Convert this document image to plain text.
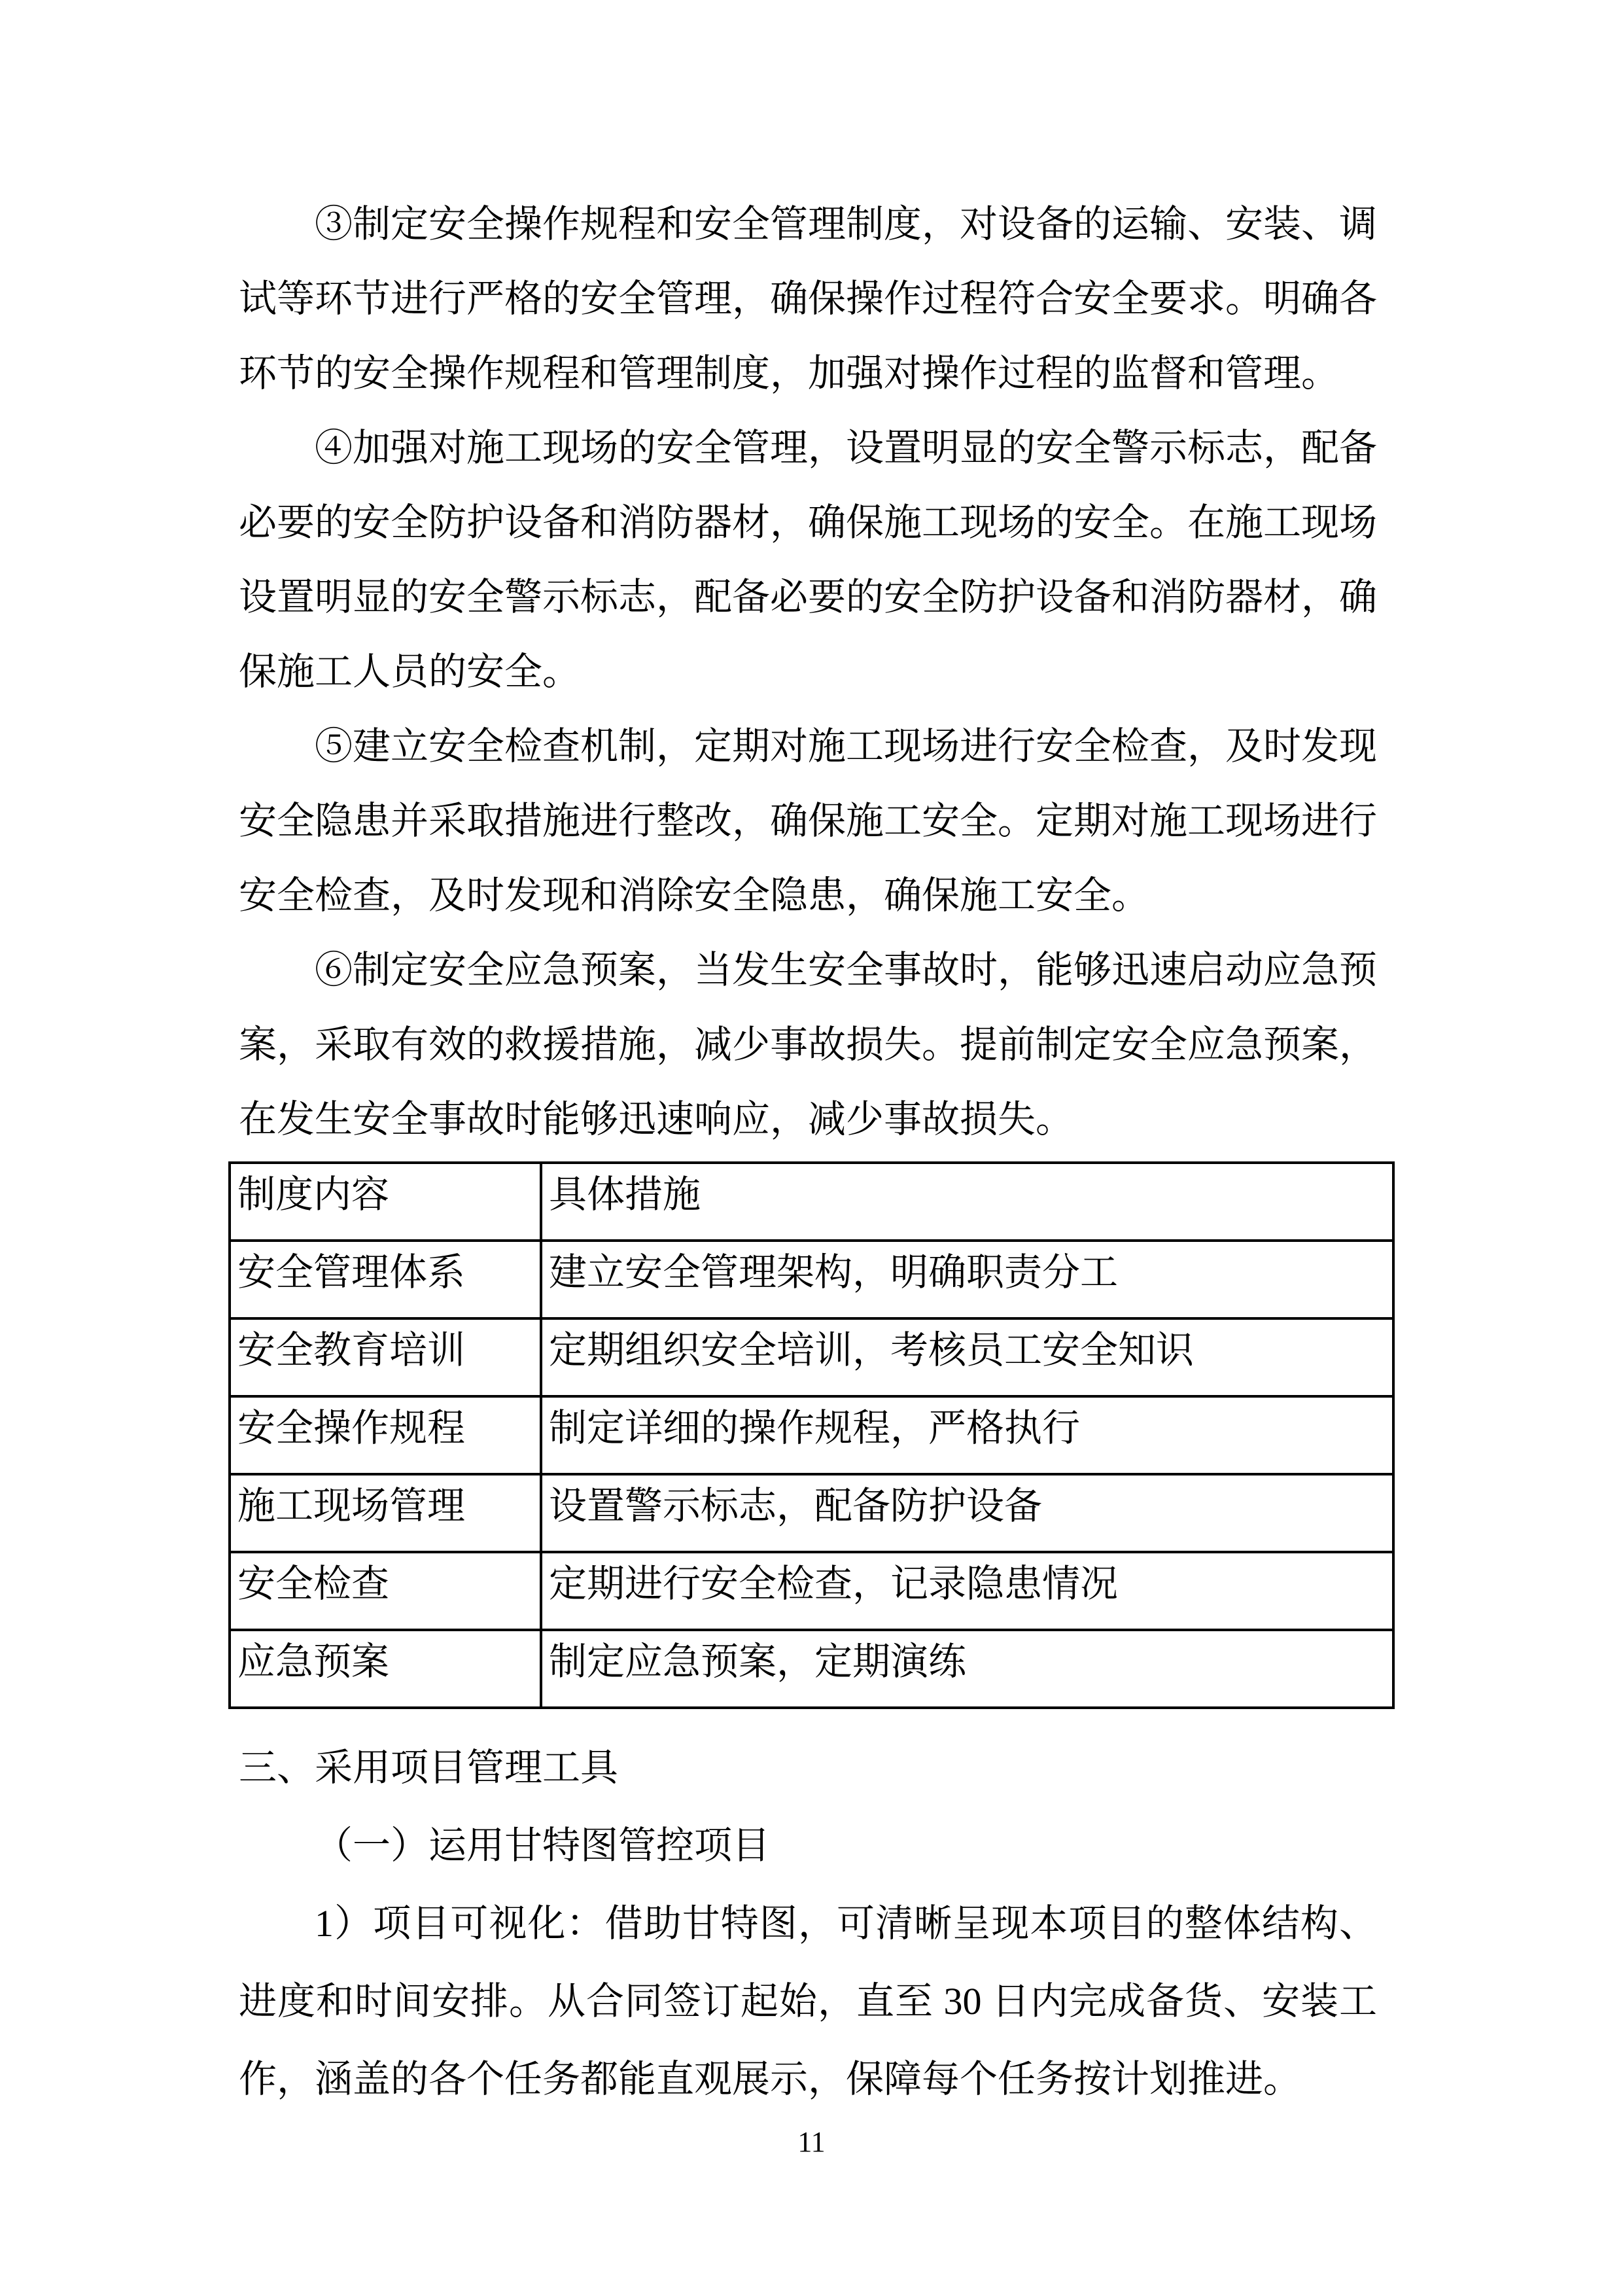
③制定安全操作规程和安全管理制度，对设备的运输、安装、调试等环节进行严格的安全管理，确保操作过程符合安全要求。明确各环节的安全操作规程和管理制度，加强对操作过程的监督和管理。

④加强对施工现场的安全管理，设置明显的安全警示标志，配备必要的安全防护设备和消防器材，确保施工现场的安全。在施工现场设置明显的安全警示标志，配备必要的安全防护设备和消防器材，确保施工人员的安全。

⑤建立安全检查机制，定期对施工现场进行安全检查，及时发现安全隐患并采取措施进行整改，确保施工安全。定期对施工现场进行安全检查，及时发现和消除安全隐患，确保施工安全。

⑥制定安全应急预案，当发生安全事故时，能够迅速启动应急预案，采取有效的救援措施，减少事故损失。提前制定安全应急预案，在发生安全事故时能够迅速响应，减少事故损失。

制度内容	具体措施
安全管理体系	建立安全管理架构，明确职责分工
安全教育培训	定期组织安全培训，考核员工安全知识
安全操作规程	制定详细的操作规程，严格执行
施工现场管理	设置警示标志，配备防护设备
安全检查	定期进行安全检查，记录隐患情况
应急预案	制定应急预案，定期演练

三、采用项目管理工具

（一）运用甘特图管控项目

1）项目可视化：借助甘特图，可清晰呈现本项目的整体结构、进度和时间安排。从合同签订起始，直至 30 日内完成备货、安装工作，涵盖的各个任务都能直观展示，保障每个任务按计划推进。

11
